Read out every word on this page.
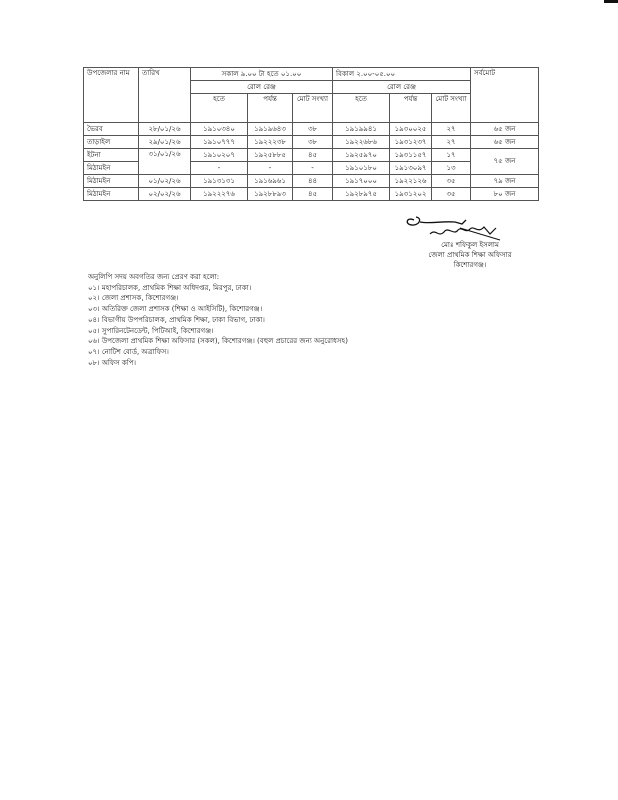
উপজেলার নাম	তারিখ	সকাল ৯.০০ টা হতে ০১.০০			বিকাল ২.০০-০৫.০০			সর্বমোট
		রোল রেঞ্জ			রোল রেঞ্জ			
		হতে	পর্যন্ত	মোট সংখ্যা	হতে	পর্যন্ত	মোট সংখ্যা	
ভৈরব	২৮/০১/২৬	১৯১০৩৪০	১৯১৯৬৪৩	৩৮	১৯১৯৯৪১	১৯৩০০২৫	২৭	৬৫ জন
তাড়াইল	২৯/০১/২৬	১৯১০৭৭৭	১৯২২২৩৮	৩৮	১৯২২৬৮৬	১৯৩১২৩৭	২৭	৬৫ জন
ইটনা	৩১/০১/২৬	১৯১০২০৭	১৯২৫৮৮৫	৪৫	১৯২৫৯৭০	১৯৩১১৫৭	১৭	৭৫ জন
মিঠামইন		-	-	-	১৯১০১৮০	১৯১৩০৯৭	১৩	
মিঠামইন	০১/০২/২৬	১৯১৩১৩১	১৯১৬৯৬১	৪৪	১৯১৭০০০	১৯২২১২৬	৩৫	৭৯ জন
মিঠামইন	০২/০২/২৬	১৯২২২৭৬	১৯২৮৮৯৩	৪৫	১৯২৮৯৭৫	১৯৩১২০২	৩৫	৮০ জন
মোঃ শফিকুল ইসলাম
জেলা প্রাথমিক শিক্ষা অফিসার
কিশোরগঞ্জ।
অনুলিপি সদয় অবগতির জন্য প্রেরণ করা হলো:
০১। মহাপরিচালক, প্রাথমিক শিক্ষা অধিদপ্তর, মিরপুর, ঢাকা।
০২। জেলা প্রশাসক, কিশোরগঞ্জ।
০৩। অতিরিক্ত জেলা প্রশাসক (শিক্ষা ও আইসিটি), কিশোরগঞ্জ।
০৪। বিভাগীয় উপপরিচালক, প্রাথমিক শিক্ষা, ঢাকা বিভাগ, ঢাকা।
০৫। সুপারিনটেনডেন্ট, পিটিআই, কিশোরগঞ্জ।
০৬। উপজেলা প্রাথমিক শিক্ষা অফিসার (সকল), কিশোরগঞ্জ। (বহুল প্রচারের জন্য অনুরোধসহ)
০৭। নোটিশ বোর্ড, অত্রাফিস।
০৮। অফিস কপি।
